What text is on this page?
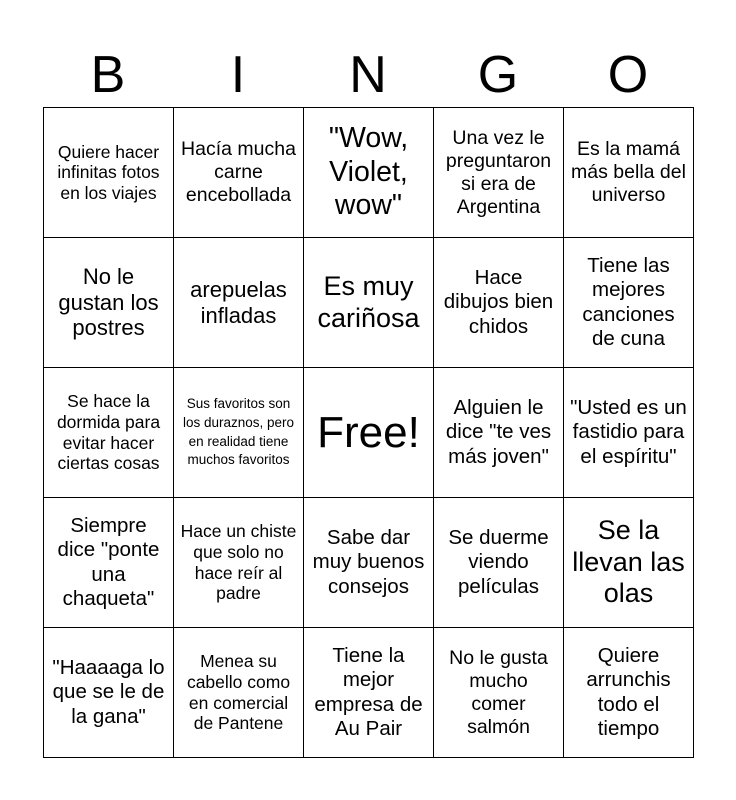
B	I	N	G	O
Quiere hacer infinitas fotos en los viajes	Hacía mucha carne encebollada	"Wow, Violet, wow"	Una vez le preguntaron si era de Argentina	Es la mamá más bella del universo
No le gustan los postres	arepuelas infladas	Es muy cariñosa	Hace dibujos bien chidos	Tiene las mejores canciones de cuna
Se hace la dormida para evitar hacer ciertas cosas	Sus favoritos son los duraznos, pero en realidad tiene muchos favoritos	Free!	Alguien le dice "te ves más joven"	"Usted es un fastidio para el espíritu"
Siempre dice "ponte una chaqueta"	Hace un chiste que solo no hace reír al padre	Sabe dar muy buenos consejos	Se duerme viendo películas	Se la llevan las olas
"Haaaaga lo que se le de la gana"	Menea su cabello como en comercial de Pantene	Tiene la mejor empresa de Au Pair	No le gusta mucho comer salmón	Quiere arrunchis todo el tiempo
